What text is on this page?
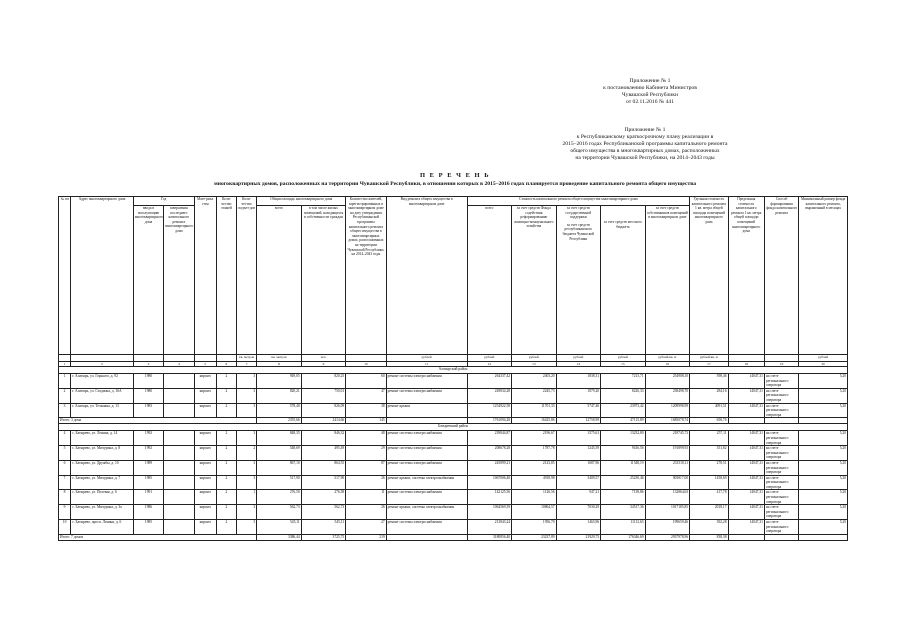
Приложение № 1
к постановлению Кабинета Министров
Чувашской Республики
от 02.11.2016 № 441
Приложение № 1
к Республиканскому краткосрочному плану реализации в
2015–2016 годах Республиканской программы капитального ремонта
общего имущества в многоквартирных домах, расположенных
на территории Чувашской Республики, на 2014–2043 годы
П Е Р Е Ч Е Н Ь
многоквартирных домов, расположенных на территории Чувашской Республики, в отношении которых в 2015–2016 годах планируется проведение капитального ремонта общего имущества
№ пп	Адрес многоквартирного дома	Год		Мате-риал стен	Коли-чество этажей	Коли-чество подъез-дов	Общая площадь многоквартирного дома		Количество жителей, зарегистрированных в многоквартирном доме на дату утверждения Республиканской программы капитального ремонта общего имущества в многоквартирных домах, расположенных на территории Чувашской Республики, на 2014–2043 годы	Вид ремонта общего имущества в многоквартирном доме	Стоимость капитального ремонта общего имущества многоквартирного дома					Удельная стоимость капитального ремонта 1 кв. метра общей площади помещений многоквартирного дома	Предельная стоимость капитального ремонта 1 кв. метра общей площади помещений многоквартирного дома	Способ формирования фонда капитального ремонта	Минимальный размер фонда капитального ремонта, выраженный в месяцах
		ввода в эксплуатацию многоквартирного дома	завершения последнего капитального ремонта многоквартирного дома				всего	в том числе жилых помещений, находящихся в собственности граждан			всего	за счет средств Фонда содействия реформированию жилищно-коммунального хозяйства	за счет средств государственной поддержки
за счет средств республиканского бюджета Чувашской Республики	за счет средств местного бюджета	за счет средств собственников помещений в многоквартирном доме				
						кв. метров	кв. метров	чел.		рублей	рублей	рублей	рублей	рублей	рублей/кв. м	рублей/кв. м			рублей
1	2	3	4	5	6	7	8	9	10	11	12	13	14	15	16	17	18	19	20
Алатырский район																			
1	г. Алатырь, ул. Горького, д. 92	1980		кирпич	2	3	949,05	820,25	60	ремонт системы электроснабжения	264337,42	2403,20	1838,31	7213,71	254908,10	598,46	14047,31	на счете регионального оператора	5,20
2	г. Алатырь, ул. Стадиона, д. 16А	1980		кирпич	2	3	820,21	750,01	47	ремонт системы электроснабжения	249834,28	2245,73	1879,20	8220,33	238498,70	284,16	14047,31	на счете регионального оператора	5,20
3	г. Алатырь, ул. Тельмана, д. 13	1983		кирпич	2	3	578,40	826,09	38	ремонт крыши	1254922,58	11701,33	5747,46	23973,42	1209998,99	4091,51	14047,31	на счете регионального оператора	5,20
Итого: 3 дома							2355,66	2414,66	145		1761094,28	16425,86	12758,99	47115,89	1685078,74	658,76			
Батыревский район																			
4	с. Батырево, ул. Ленина, д. 14	1992		кирпич	2	3	848,35	846,32	48	ремонт системы электроснабжения	239844,87	2196,67	1575,61	13232,80	218745,73	257,11	14047,31	на счете регионального оператора	5,20
5	с. Батырево, ул. Мичурина, д. 8	1992		кирпич	2	2	548,69	495,49	29	ремонт системы электроснабжения	208678,28	1787,78	1245,59	9416,56	191899,93	351,82	14047,31	на счете регионального оператора	5,20
6	с. Батырево, ул. Дружбы, д. 10	1989		кирпич	2	3	867,10	864,55	87	ремонт системы электроснабжения	245899,21	2123,85	1687,96	11548,19	231518,11	278,51	14047,31	на счете регионального оператора	5,20
7	с. Батырево, ул. Мичурина, д. 7	1985		кирпич	2	3	517,90	517,90	26	ремонт крыши, системы электроснабжения	1067006,40	4918,98	3409,57	25230,46	903817,00	1458,69	14047,31	на счете регионального оператора	5,20
8	с. Батырево, ул. Полевая, д. 6	1991		кирпич	2	1	276,50	276,58	11	ремонт системы электроснабжения	142125,56	1126,56	947,21	7138,86	132864,63	417,78	14047,31	на счете регионального оператора	5,20
9	с. Батырево, ул. Мичурина, д. 3а	1986		кирпич	2	3	562,73	562,73	26	ремонт крыши, системы электроснабжения	1064569,39	10864,57	7030,29	34517,36	1017185,85	2018,17	14047,31	на счете регионального оператора	5,20
10	с. Батырево, просп. Ленина, д. 6	1985		кирпич	2	3	545,11	545,11	27	ремонт системы электроснабжения	213843,24	1956,70	1463,96	11112,63	199659,46	392,28	14047,31	на счете регионального оператора	5,20
Итого: 7 домов							3386,44	3725,75	219		3180856,40	23237,89	21929,75	176346,69	2937978,96	838,38			
